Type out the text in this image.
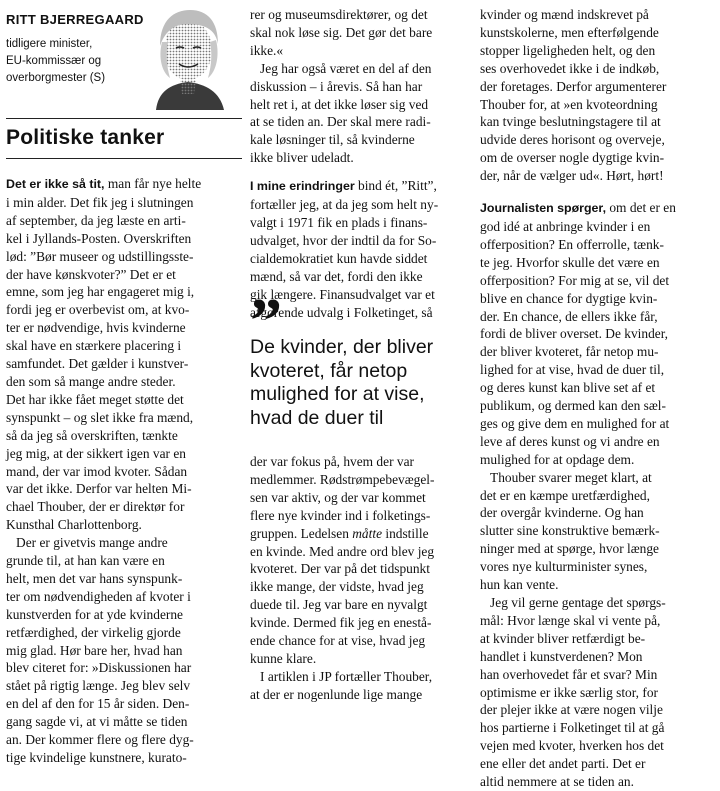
RITT BJERREGAARD
tidligere minister,
EU-kommissær og
overborgmester (S)
Politiske tanker

Det er ikke så tit, man får nye helte
i min alder. Det fik jeg i slutningen
af september, da jeg læste en arti-
kel i Jyllands-Posten. Overskriften
lød: ”Bør museer og udstillingsste-
der have kønskvoter?” Det er et
emne, som jeg har engageret mig i,
fordi jeg er overbevist om, at kvo-
ter er nødvendige, hvis kvinderne
skal have en stærkere placering i
samfundet. Det gælder i kunstver-
den som så mange andre steder.
Det har ikke fået meget støtte det
synspunkt – og slet ikke fra mænd,
så da jeg så overskriften, tænkte
jeg mig, at der sikkert igen var en
mand, der var imod kvoter. Sådan
var det ikke. Derfor var helten Mi-
chael Thouber, der er direktør for
Kunsthal Charlottenborg.

Der er givetvis mange andre
grunde til, at han kan være en
helt, men det var hans synspunk-
ter om nødvendigheden af kvoter i
kunstverden for at yde kvinderne
retfærdighed, der virkelig gjorde
mig glad. Hør bare her, hvad han
blev citeret for: »Diskussionen har
stået på rigtig længe. Jeg blev selv
en del af den for 15 år siden. Den-
gang sagde vi, at vi måtte se tiden
an. Der kommer flere og flere dyg-
tige kvindelige kunstnere, kurato-

rer og museumsdirektører, og det
skal nok løse sig. Det gør det bare
ikke.«

Jeg har også været en del af den
diskussion – i årevis. Så han har
helt ret i, at det ikke løser sig ved
at se tiden an. Der skal mere radi-
kale løsninger til, så kvinderne
ikke bliver udeladt.

I mine erindringer bind ét, ”Ritt”,
fortæller jeg, at da jeg som helt ny-
valgt i 1971 fik en plads i finans-
udvalget, hvor der indtil da for So-
cialdemokratiet kun havde siddet
mænd, så var det, fordi den ikke
gik længere. Finansudvalget var et
afgørende udvalg i Folketinget, så

”
De kvinder, der bliver
kvoteret, får netop
mulighed for at vise,
hvad de duer til

der var fokus på, hvem der var
medlemmer. Rødstrømpebevægel-
sen var aktiv, og der var kommet
flere nye kvinder ind i folketings-
gruppen. Ledelsen måtte indstille
en kvinde. Med andre ord blev jeg
kvoteret. Der var på det tidspunkt
ikke mange, der vidste, hvad jeg
duede til. Jeg var bare en nyvalgt
kvinde. Dermed fik jeg en enestå-
ende chance for at vise, hvad jeg
kunne klare.

I artiklen i JP fortæller Thouber,
at der er nogenlunde lige mange

kvinder og mænd indskrevet på
kunstskolerne, men efterfølgende
stopper ligeligheden helt, og den
ses overhovedet ikke i de indkøb,
der foretages. Derfor argumenterer
Thouber for, at »en kvoteordning
kan tvinge beslutningstagere til at
udvide deres horisont og overveje,
om de overser nogle dygtige kvin-
der, når de vælger ud«. Hørt, hørt!

Journalisten spørger, om det er en
god idé at anbringe kvinder i en
offerposition? En offerrolle, tænk-
te jeg. Hvorfor skulle det være en
offerposition? For mig at se, vil det
blive en chance for dygtige kvin-
der. En chance, de ellers ikke får,
fordi de bliver overset. De kvinder,
der bliver kvoteret, får netop mu-
lighed for at vise, hvad de duer til,
og deres kunst kan blive set af et
publikum, og dermed kan den sæl-
ges og give dem en mulighed for at
leve af deres kunst og vi andre en
mulighed for at opdage dem.

Thouber svarer meget klart, at
det er en kæmpe uretfærdighed,
der overgår kvinderne. Og han
slutter sine konstruktive bemærk-
ninger med at spørge, hvor længe
vores nye kulturminister synes,
hun kan vente.

Jeg vil gerne gentage det spørgs-
mål: Hvor længe skal vi vente på,
at kvinder bliver retfærdigt be-
handlet i kunstverdenen? Mon
han overhovedet får et svar? Min
optimisme er ikke særlig stor, for
der plejer ikke at være nogen vilje
hos partierne i Folketinget til at gå
vejen med kvoter, hverken hos det
ene eller det andet parti. Det er
altid nemmere at se tiden an.
